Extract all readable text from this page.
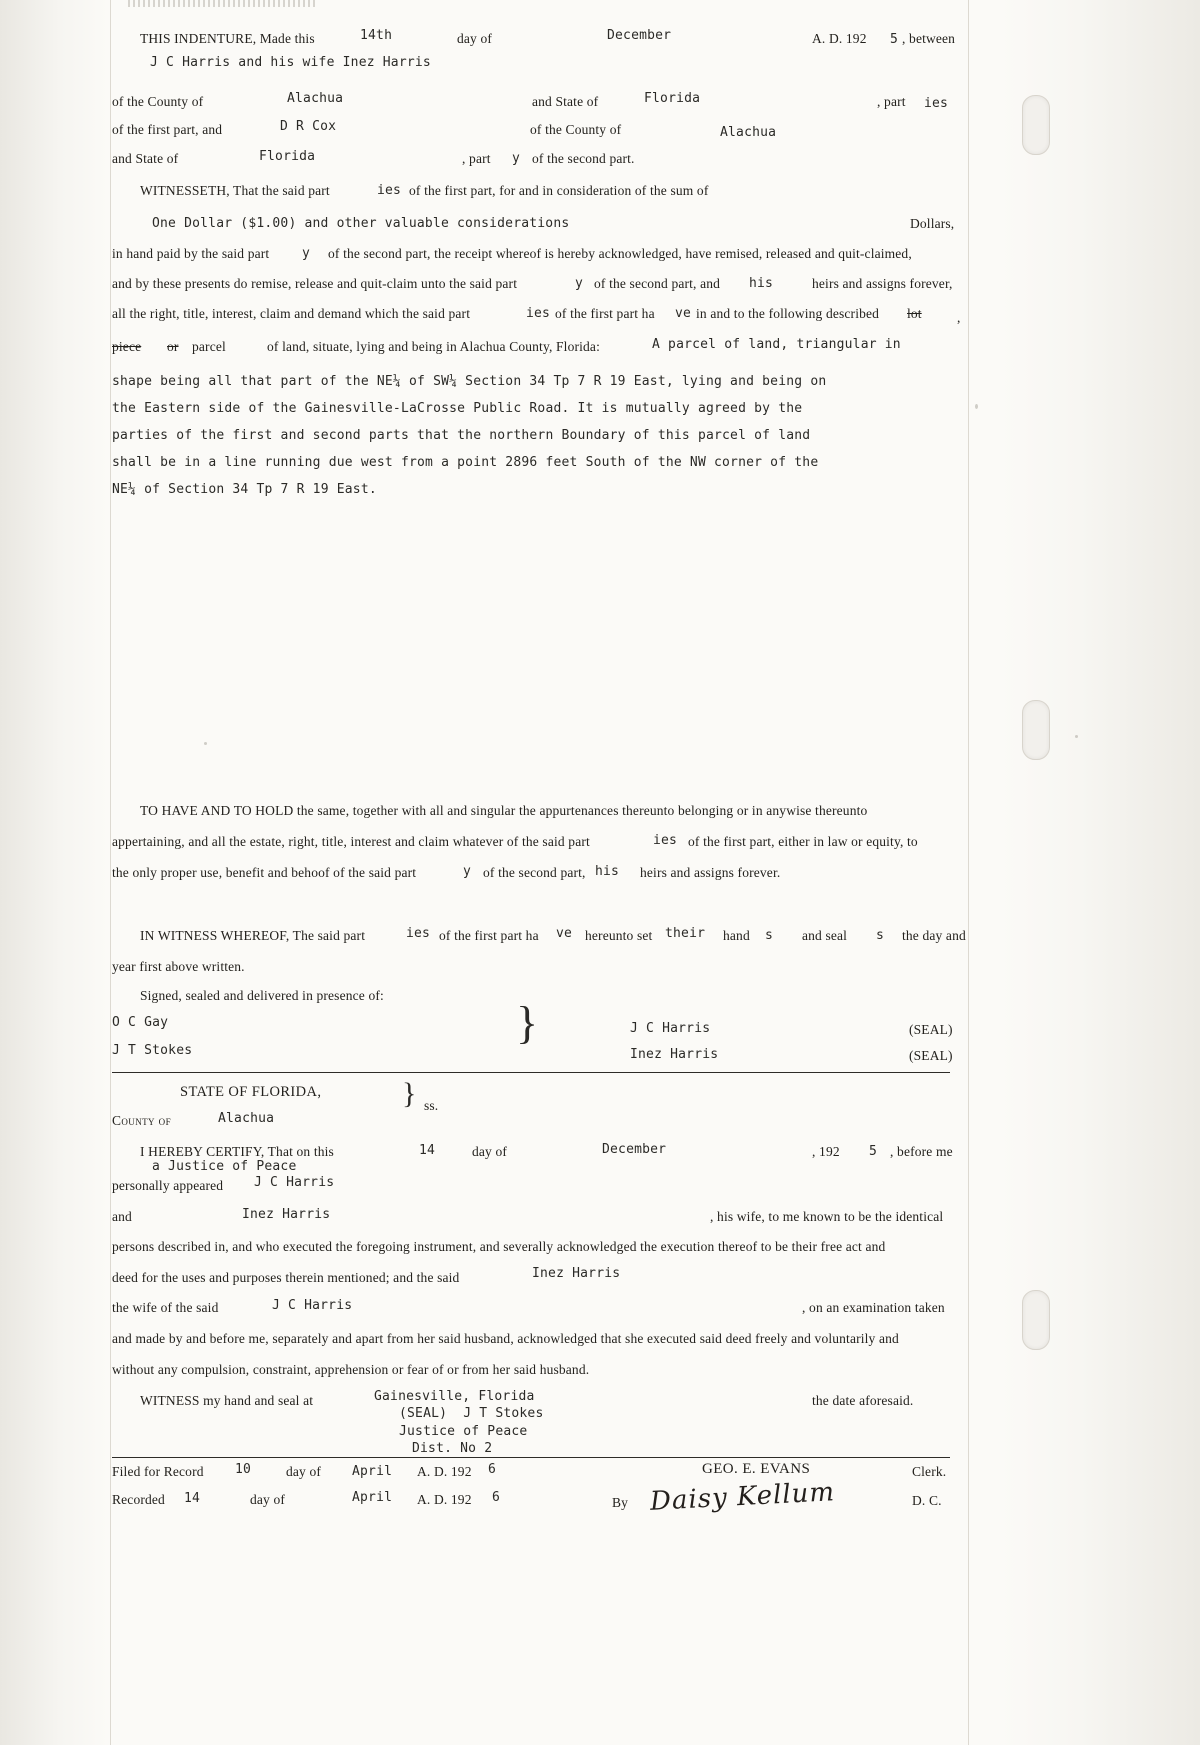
THIS INDENTURE, Made this	14th	day of	December	A. D. 192 5 , between
J C Harris and his wife Inez Harris
of the County of	Alachua	and State of	Florida	, part ies
of the first part, and	D R Cox	of the County of	Alachua
and State of	Florida	, part y of the second part.
WITNESSETH, That the said part	ies of the first part, for and in consideration of the sum of
One Dollar ($1.00) and other valuable considerations	Dollars,
in hand paid by the said part	y of the second part, the receipt whereof is hereby acknowledged, have remised, released and quit-claimed,
and by these presents do remise, release and quit-claim unto the said part	y of the second part, and his	heirs and assigns forever,
all the right, title, interest, claim and demand which the said part	ies of the first part ha ve in and to the following described lot	,
piece or parcel	of land, situate, lying and being in Alachua County, Florida:	A parcel of land, triangular in
shape being all that part of the NE¼ of SW¼ Section 34 Tp 7 R 19 East, lying and being on
the Eastern side of the Gainesville-LaCrosse Public Road. It is mutually agreed by the
parties of the first and second parts that the northern Boundary of this parcel of land
shall be in a line running due west from a point 2896 feet South of the NW corner of the
NE¼ of Section 34 Tp 7 R 19 East.
TO HAVE AND TO HOLD the same, together with all and singular the appurtenances thereunto belonging or in anywise thereunto
appertaining, and all the estate, right, title, interest and claim whatever of the said part	ies of the first part, either in law or equity, to
the only proper use, benefit and behoof of the said part	y of the second part, his heirs and assigns forever.
IN WITNESS WHEREOF, The said part	ies of the first part ha ve hereunto set their hand s and seal s the day and
year first above written.
Signed, sealed and delivered in presence of:
O C Gay
J T Stokes
}	J C Harris	(SEAL)
Inez Harris	(SEAL)
STATE OF FLORIDA,	} ss.
County of	Alachua
I HEREBY CERTIFY, That on this	14	day of	December	, 192 5 , before me
a Justice of Peace
personally appeared J C Harris
and	Inez Harris	, his wife, to me known to be the identical
persons described in, and who executed the foregoing instrument, and severally acknowledged the execution thereof to be their free act and
deed for the uses and purposes therein mentioned; and the said	Inez Harris
the wife of the said	J C Harris	, on an examination taken
and made by and before me, separately and apart from her said husband, acknowledged that she executed said deed freely and voluntarily and
without any compulsion, constraint, apprehension or fear of or from her said husband.
WITNESS my hand and seal at	Gainesville, Florida	the date aforesaid.
(SEAL)  J T Stokes
Justice of Peace
Dist. No 2
Filed for Record 10	day of April A. D. 192 6	GEO. E. EVANS	Clerk.
Recorded 14	day of	April A. D. 192 6	By Daisy Kellum	D. C.
